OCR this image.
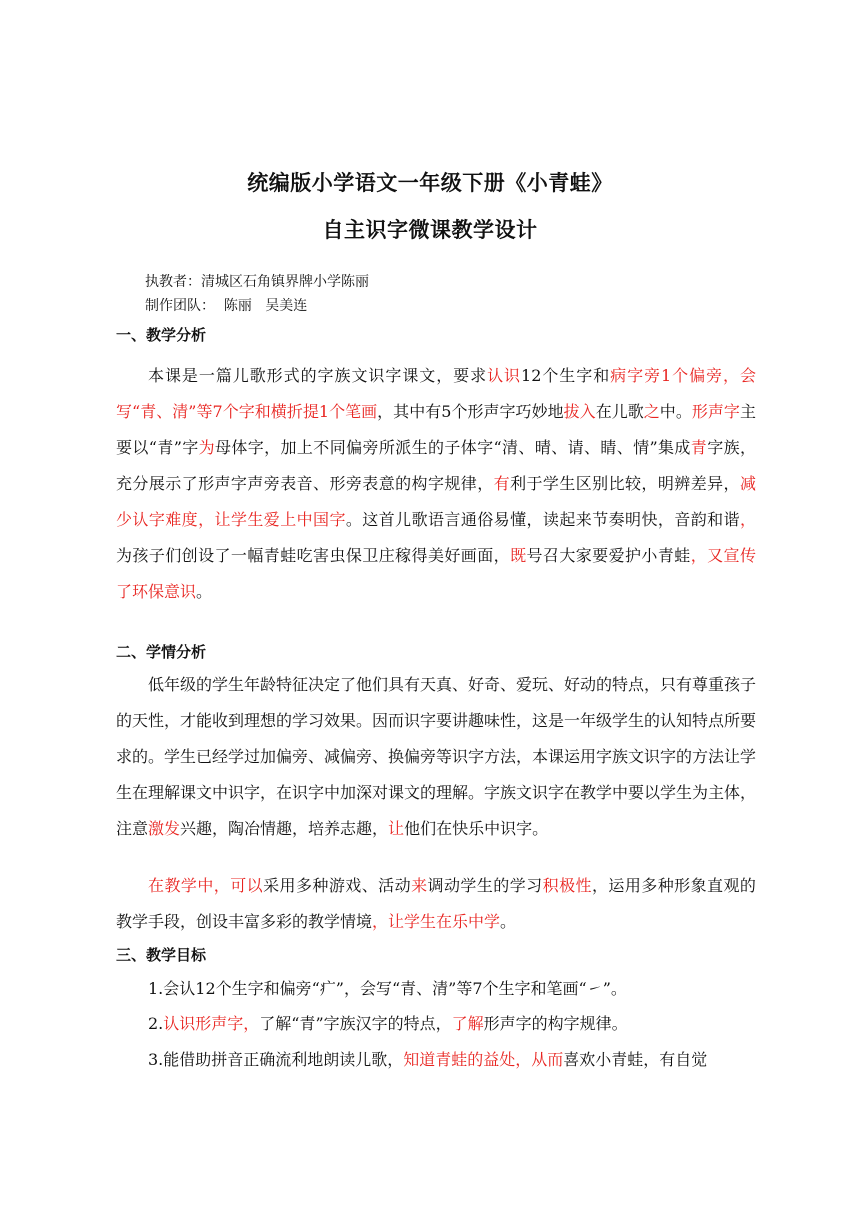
统编版小学语文一年级下册《小青蛙》
自主识字微课教学设计
执教者：清城区石角镇界牌小学陈丽
制作团队：  陈丽   吴美连
一、教学分析
本课是一篇儿歌形式的字族文识字课文，要求认识12个生字和病字旁1个偏旁，会写“青、清”等7个字和横折提1个笔画，其中有5个形声字巧妙地拔入在儿歌之中。形声字主要以“青”字为母体字，加上不同偏旁所派生的子体字“清、晴、请、睛、情”集成青字族，充分展示了形声字声旁表音、形旁表意的构字规律，有利于学生区别比较，明辨差异，减少认字难度，让学生爱上中国字。这首儿歌语言通俗易懂，读起来节奏明快，音韵和谐，为孩子们创设了一幅青蛙吃害虫保卫庄稼得美好画面，既号召大家要爱护小青蛙，又宣传了环保意识。
二、学情分析
低年级的学生年龄特征决定了他们具有天真、好奇、爱玩、好动的特点，只有尊重孩子的天性，才能收到理想的学习效果。因而识字要讲趣味性，这是一年级学生的认知特点所要求的。学生已经学过加偏旁、减偏旁、换偏旁等识字方法，本课运用字族文识字的方法让学生在理解课文中识字，在识字中加深对课文的理解。字族文识字在教学中要以学生为主体，注意激发兴趣，陶冶情趣，培养志趣，让他们在快乐中识字。
在教学中，可以采用多种游戏、活动来调动学生的学习积极性，运用多种形象直观的教学手段，创设丰富多彩的教学情境，让学生在乐中学。
三、教学目标
1.会认12个生字和偏旁“疒”，会写“青、清”等7个生字和笔画“㇀”。
2.认识形声字，了解“青”字族汉字的特点，了解形声字的构字规律。
3.能借助拼音正确流利地朗读儿歌，知道青蛙的益处，从而喜欢小青蛙，有自觉
